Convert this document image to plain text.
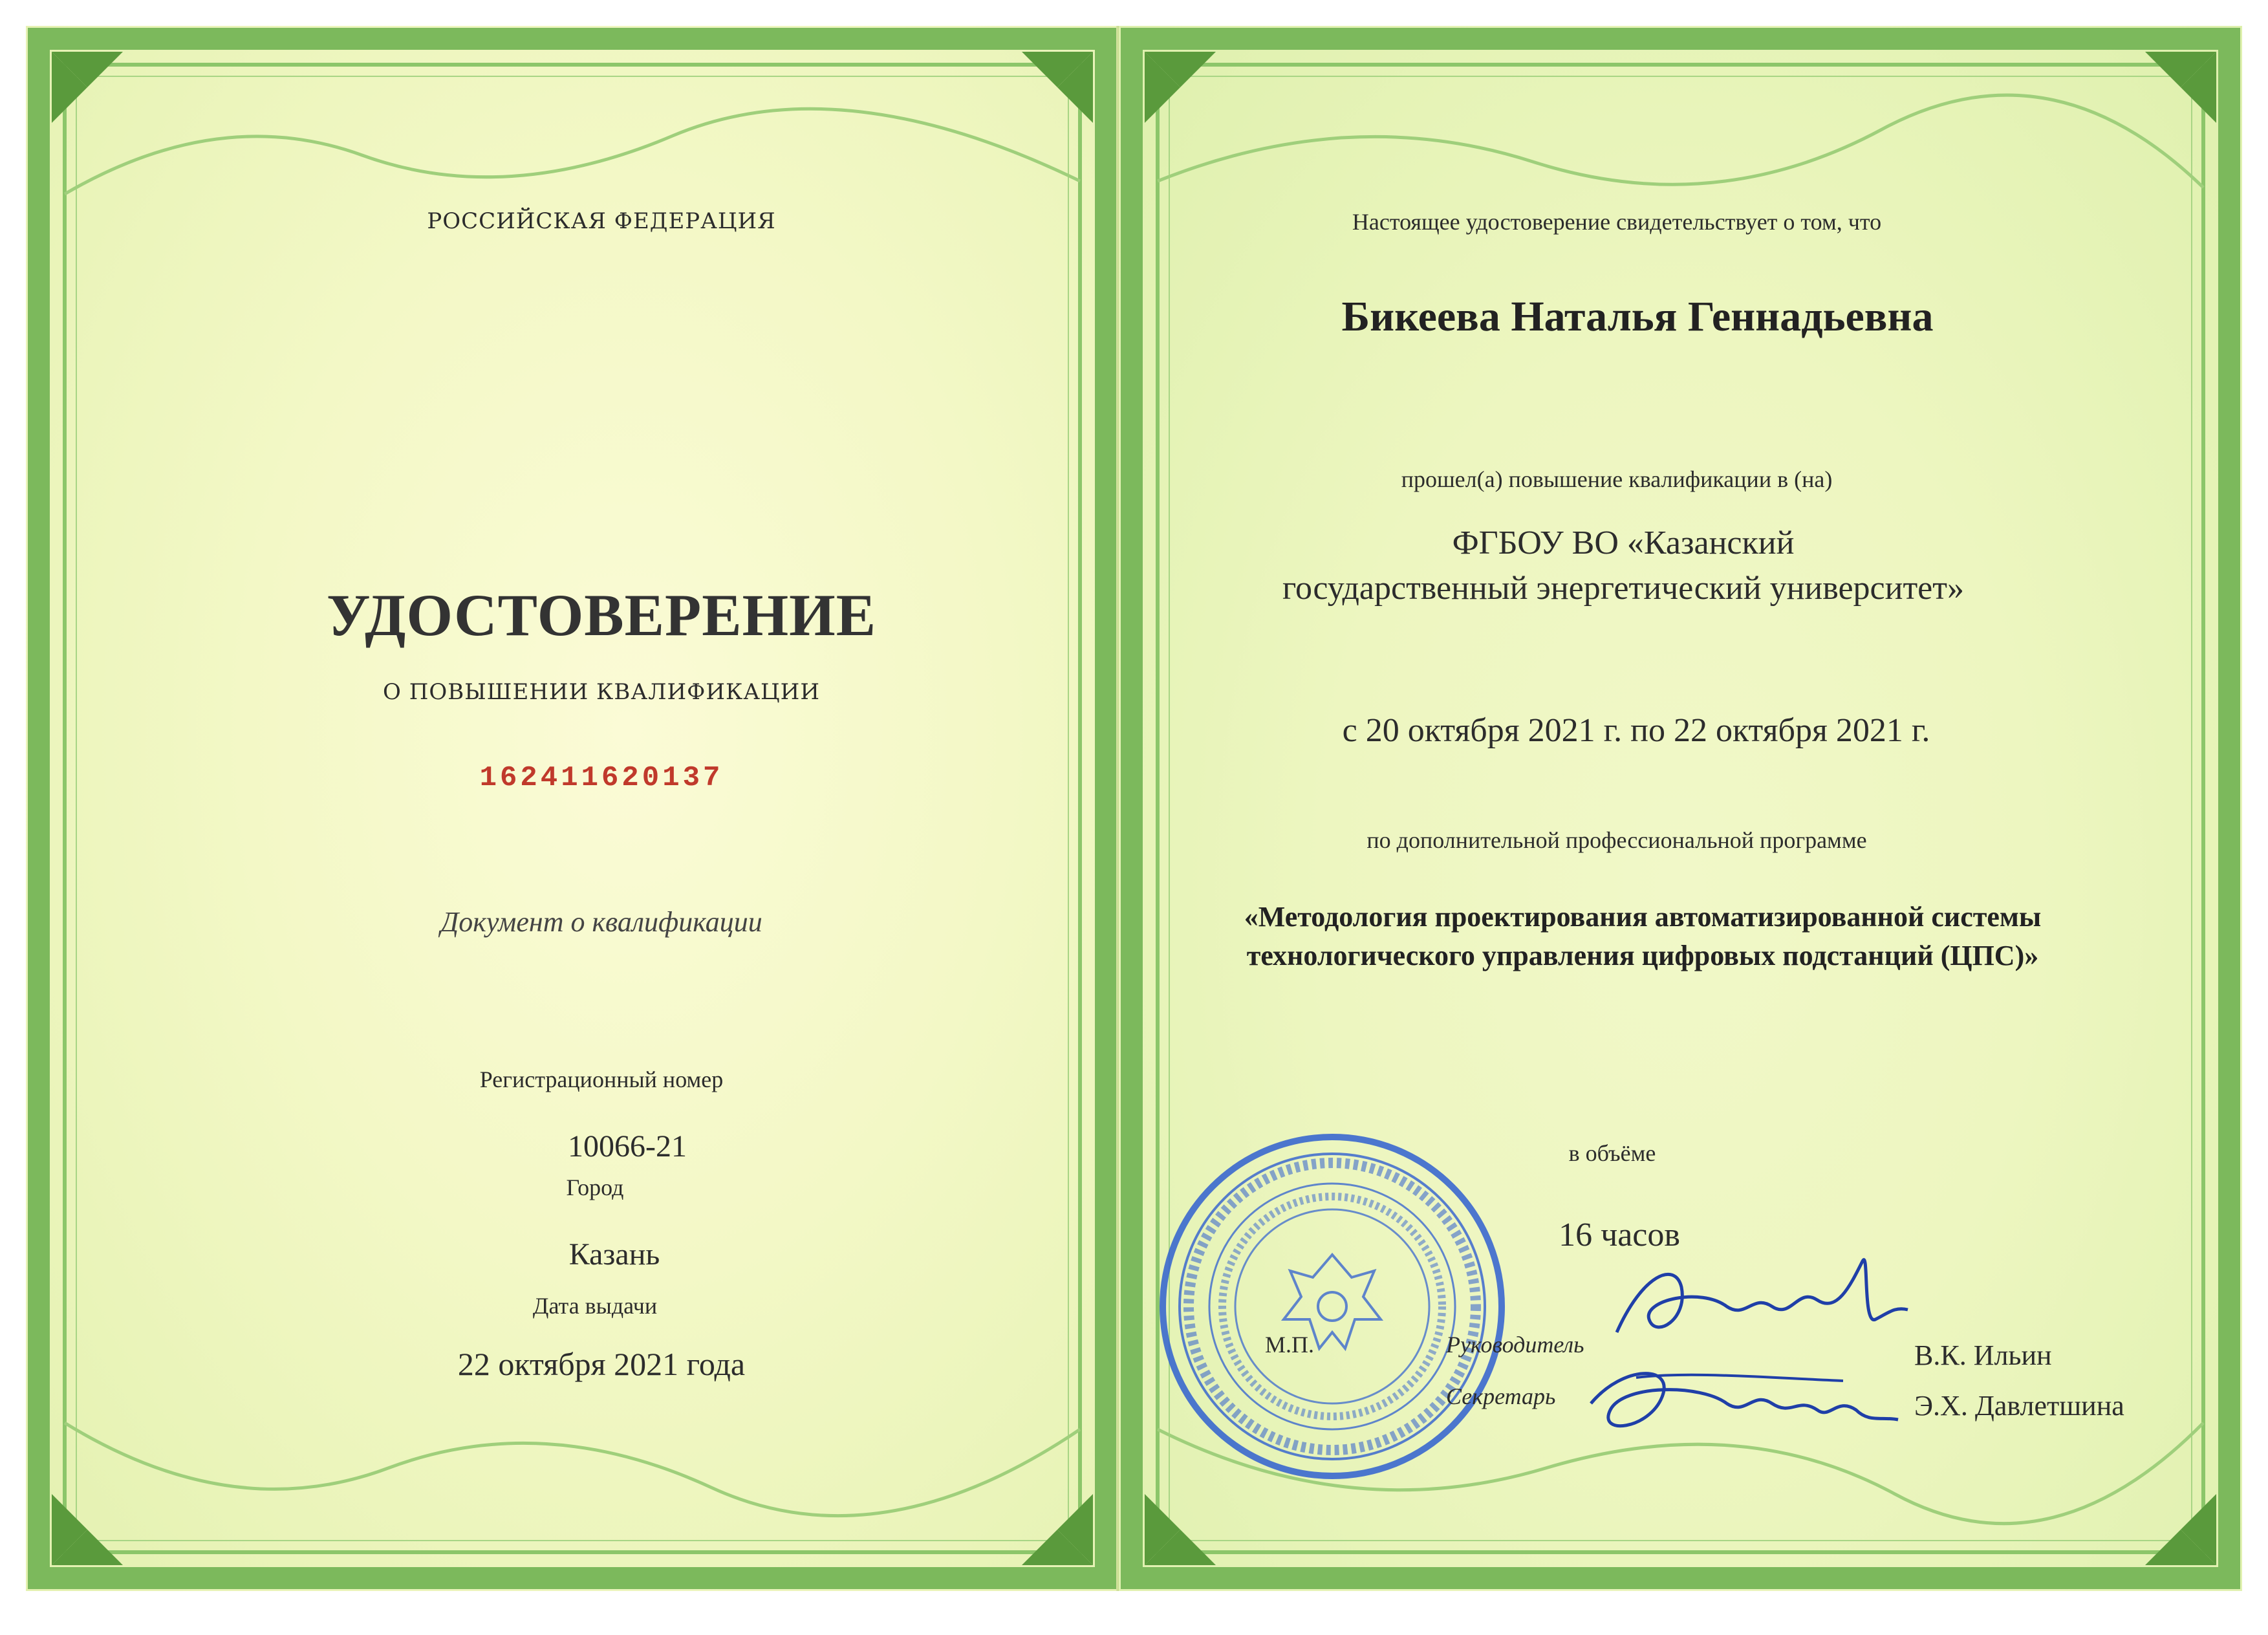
РОССИЙСКАЯ ФЕДЕРАЦИЯ
УДОСТОВЕРЕНИЕ
О ПОВЫШЕНИИ КВАЛИФИКАЦИИ
162411620137
Документ о квалификации
Регистрационный номер
10066-21
Город
Казань
Дата выдачи
22 октября 2021 года
Настоящее удостоверение свидетельствует о том, что
Бикеева Наталья Геннадьевна
прошел(а) повышение квалификации в (на)
ФГБОУ ВО «Казанский
государственный энергетический университет»
с 20 октября 2021 г. по 22 октября 2021 г.
по дополнительной профессиональной программе
«Методология проектирования автоматизированной системы
технологического управления цифровых подстанций (ЦПС)»
в объёме
16 часов
М.П.	Руководитель	В.К. Ильин
Секретарь	Э.Х. Давлетшина
